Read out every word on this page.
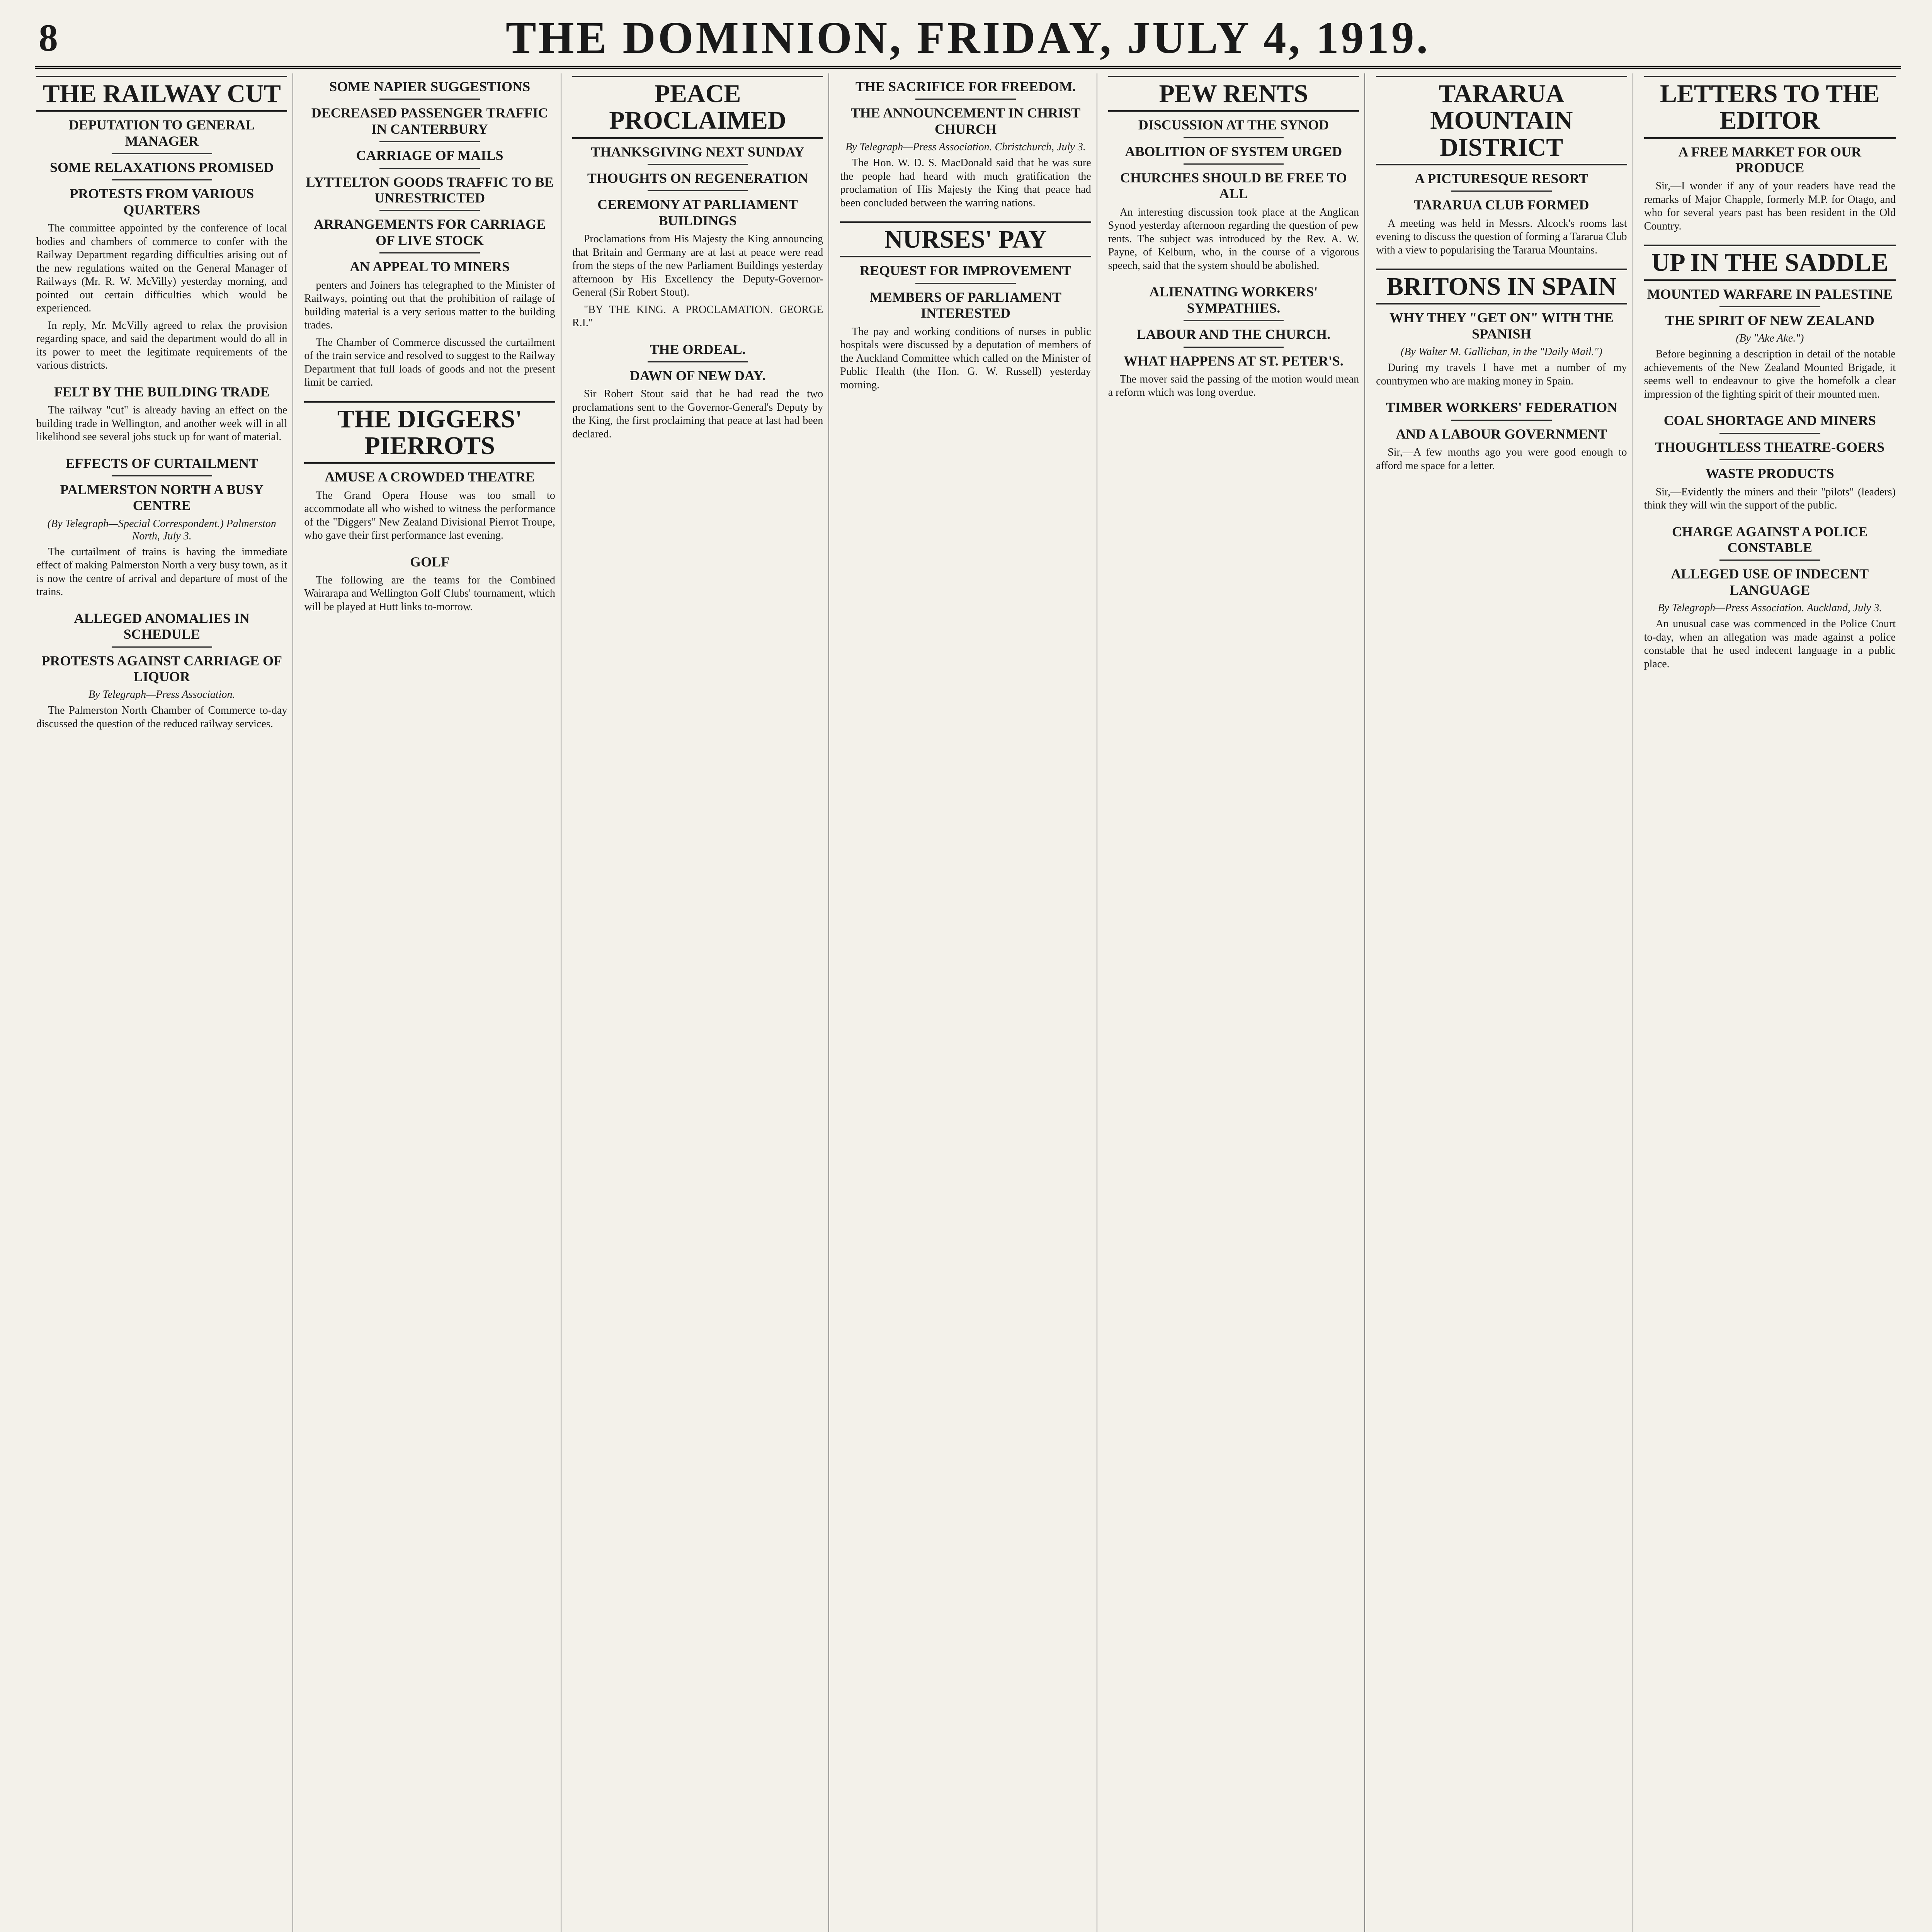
8	THE DOMINION, FRIDAY, JULY 4, 1919.
THE RAILWAY CUT
DEPUTATION TO GENERAL MANAGER
SOME RELAXATIONS PROMISED
PROTESTS FROM VARIOUS QUARTERS

The committee appointed by the conference of local bodies and chambers of commerce to confer with the Railway Department regarding difficulties arising out of the new regulations waited on the General Manager of Railways (Mr. R. W. McVilly) yesterday morning, and pointed out certain difficulties which would be experienced.

In reply, Mr. McVilly agreed to relax the provision regarding space, and said the department would do all in its power to meet the legitimate requirements of the various districts.

FELT BY THE BUILDING TRADE

The railway "cut" is already having an effect on the building trade in Wellington, and another week will in all likelihood see several jobs stuck up for want of material.

EFFECTS OF CURTAILMENT
PALMERSTON NORTH A BUSY CENTRE
(By Telegraph—Special Correspondent.) Palmerston North, July 3.

The curtailment of trains is having the immediate effect of making Palmerston North a very busy town, as it is now the centre of arrival and departure of most of the trains.

ALLEGED ANOMALIES IN SCHEDULE
PROTESTS AGAINST CARRIAGE OF LIQUOR
By Telegraph—Press Association.

The Palmerston North Chamber of Commerce to-day discussed the question of the reduced railway services.

SOME NAPIER SUGGESTIONS
DECREASED PASSENGER TRAFFIC IN CANTERBURY
CARRIAGE OF MAILS
LYTTELTON GOODS TRAFFIC TO BE UNRESTRICTED
ARRANGEMENTS FOR CARRIAGE OF LIVE STOCK
AN APPEAL TO MINERS

penters and Joiners has telegraphed to the Minister of Railways, pointing out that the prohibition of railage of building material is a very serious matter to the building trades.

The Chamber of Commerce discussed the curtailment of the train service and resolved to suggest to the Railway Department that full loads of goods and not the present limit be carried.

THE DIGGERS' PIERROTS
AMUSE A CROWDED THEATRE

The Grand Opera House was too small to accommodate all who wished to witness the performance of the "Diggers" New Zealand Divisional Pierrot Troupe, who gave their first performance last evening.

GOLF

The following are the teams for the Combined Wairarapa and Wellington Golf Clubs' tournament, which will be played at Hutt links to-morrow.

PEACE PROCLAIMED
THANKSGIVING NEXT SUNDAY
THOUGHTS ON REGENERATION
CEREMONY AT PARLIAMENT BUILDINGS

Proclamations from His Majesty the King announcing that Britain and Germany are at last at peace were read from the steps of the new Parliament Buildings yesterday afternoon by His Excellency the Deputy-Governor-General (Sir Robert Stout).

"BY THE KING. A PROCLAMATION. GEORGE R.I."

THE ORDEAL.
DAWN OF NEW DAY.

Sir Robert Stout said that he had read the two proclamations sent to the Governor-General's Deputy by the King, the first proclaiming that peace at last had been declared.

THE SACRIFICE FOR FREEDOM.
THE ANNOUNCEMENT IN CHRIST CHURCH
By Telegraph—Press Association. Christchurch, July 3.

The Hon. W. D. S. MacDonald said that he was sure the people had heard with much gratification the proclamation of His Majesty the King that peace had been concluded between the warring nations.

NURSES' PAY
REQUEST FOR IMPROVEMENT
MEMBERS OF PARLIAMENT INTERESTED

The pay and working conditions of nurses in public hospitals were discussed by a deputation of members of the Auckland Committee which called on the Minister of Public Health (the Hon. G. W. Russell) yesterday morning.

PEW RENTS
DISCUSSION AT THE SYNOD
ABOLITION OF SYSTEM URGED
CHURCHES SHOULD BE FREE TO ALL

An interesting discussion took place at the Anglican Synod yesterday afternoon regarding the question of pew rents. The subject was introduced by the Rev. A. W. Payne, of Kelburn, who, in the course of a vigorous speech, said that the system should be abolished.

ALIENATING WORKERS' SYMPATHIES.
LABOUR AND THE CHURCH.
WHAT HAPPENS AT ST. PETER'S.

The mover said the passing of the motion would mean a reform which was long overdue.

TARARUA MOUNTAIN DISTRICT
A PICTURESQUE RESORT
TARARUA CLUB FORMED

A meeting was held in Messrs. Alcock's rooms last evening to discuss the question of forming a Tararua Club with a view to popularising the Tararua Mountains.

BRITONS IN SPAIN
WHY THEY "GET ON" WITH THE SPANISH
(By Walter M. Gallichan, in the "Daily Mail.")

During my travels I have met a number of my countrymen who are making money in Spain.

TIMBER WORKERS' FEDERATION
AND A LABOUR GOVERNMENT

Sir,—A few months ago you were good enough to afford me space for a letter.

LETTERS TO THE EDITOR
A FREE MARKET FOR OUR PRODUCE

Sir,—I wonder if any of your readers have read the remarks of Major Chapple, formerly M.P. for Otago, and who for several years past has been resident in the Old Country.

UP IN THE SADDLE
MOUNTED WARFARE IN PALESTINE
THE SPIRIT OF NEW ZEALAND
(By "Ake Ake.")

Before beginning a description in detail of the notable achievements of the New Zealand Mounted Brigade, it seems well to endeavour to give the homefolk a clear impression of the fighting spirit of their mounted men.

COAL SHORTAGE AND MINERS
THOUGHTLESS THEATRE-GOERS
WASTE PRODUCTS

Sir,—Evidently the miners and their "pilots" (leaders) think they will win the support of the public.

CHARGE AGAINST A POLICE CONSTABLE
ALLEGED USE OF INDECENT LANGUAGE
By Telegraph—Press Association. Auckland, July 3.

An unusual case was commenced in the Police Court to-day, when an allegation was made against a police constable that he used indecent language in a public place.
